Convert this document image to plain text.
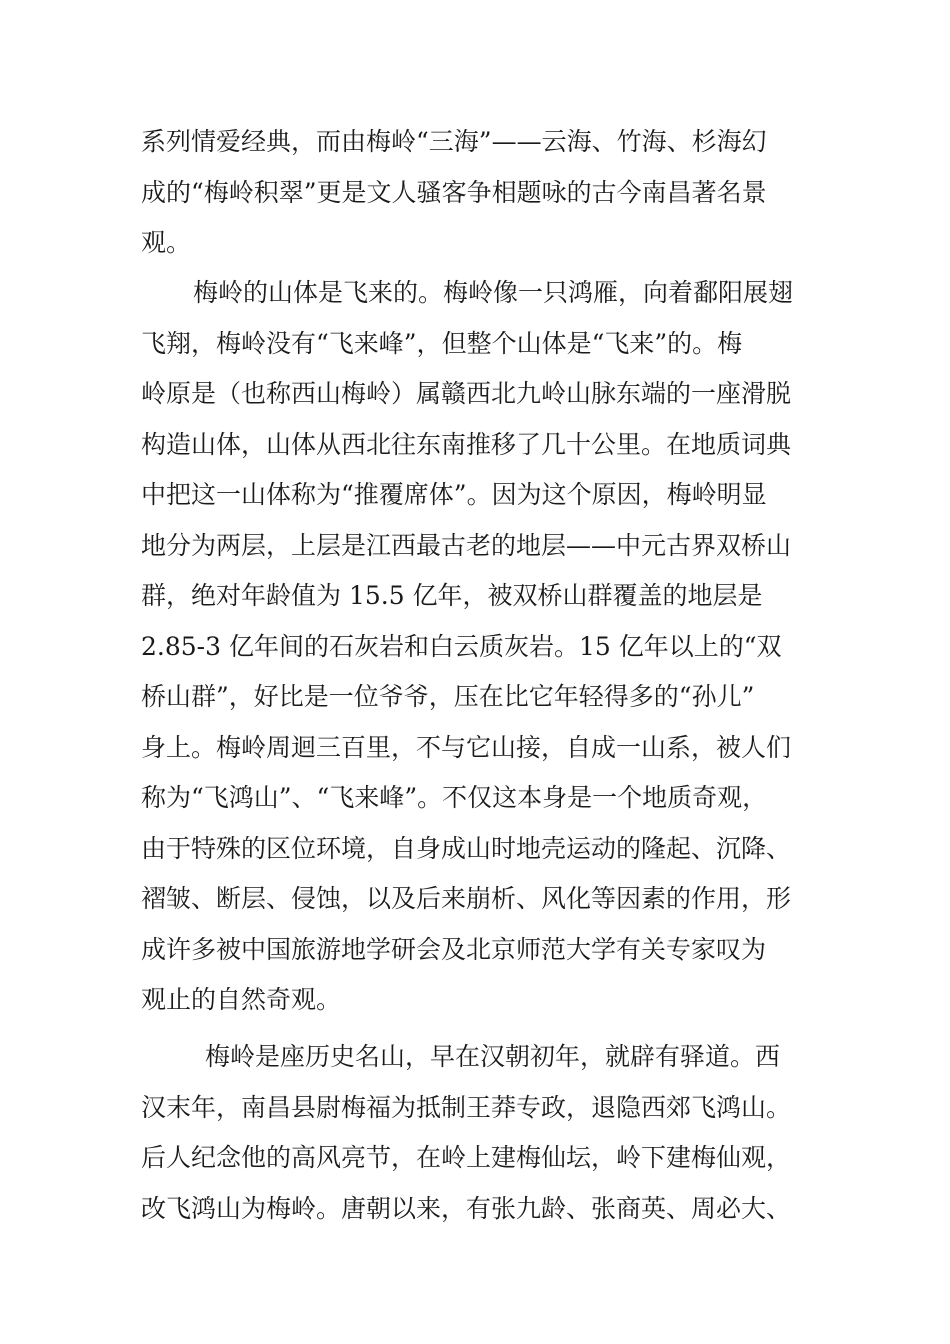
系列情爱经典，而由梅岭“三海”——云海、竹海、杉海幻
成的“梅岭积翠”更是文人骚客争相题咏的古今南昌著名景
观。
梅岭的山体是飞来的。梅岭像一只鸿雁，向着鄱阳展翅
飞翔，梅岭没有“飞来峰”，但整个山体是“飞来”的。梅
岭原是（也称西山梅岭）属赣西北九岭山脉东端的一座滑脱
构造山体，山体从西北往东南推移了几十公里。在地质词典
中把这一山体称为“推覆席体”。因为这个原因，梅岭明显
地分为两层，上层是江西最古老的地层——中元古界双桥山
群，绝对年龄值为 15.5 亿年，被双桥山群覆盖的地层是
2.85-3 亿年间的石灰岩和白云质灰岩。15 亿年以上的“双
桥山群”，好比是一位爷爷，压在比它年轻得多的“孙儿”
身上。梅岭周迴三百里，不与它山接，自成一山系，被人们
称为“飞鸿山”、“飞来峰”。不仅这本身是一个地质奇观，
由于特殊的区位环境，自身成山时地壳运动的隆起、沉降、
褶皱、断层、侵蚀，以及后来崩析、风化等因素的作用，形
成许多被中国旅游地学研会及北京师范大学有关专家叹为
观止的自然奇观。
梅岭是座历史名山，早在汉朝初年，就辟有驿道。西
汉末年，南昌县尉梅福为抵制王莽专政，退隐西郊飞鸿山。
后人纪念他的高风亮节，在岭上建梅仙坛，岭下建梅仙观，
改飞鸿山为梅岭。唐朝以来，有张九龄、张商英、周必大、
